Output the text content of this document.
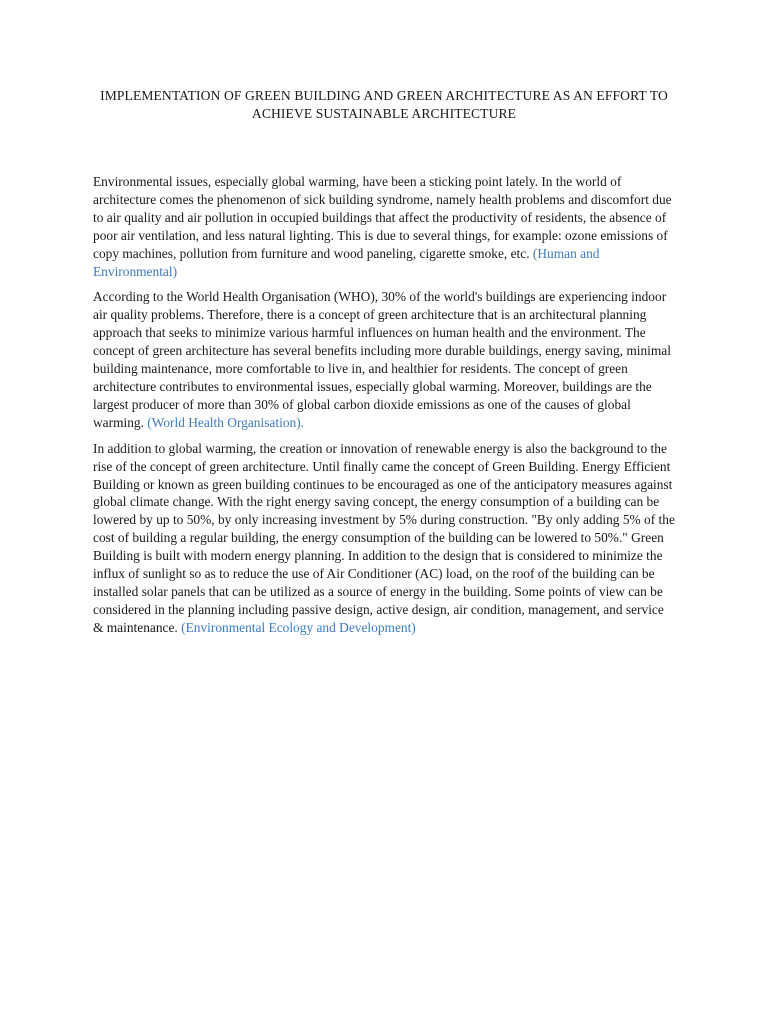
IMPLEMENTATION OF GREEN BUILDING AND GREEN ARCHITECTURE AS AN EFFORT TO ACHIEVE SUSTAINABLE ARCHITECTURE

Environmental issues, especially global warming, have been a sticking point lately. In the world of architecture comes the phenomenon of sick building syndrome, namely health problems and discomfort due to air quality and air pollution in occupied buildings that affect the productivity of residents, the absence of poor air ventilation, and less natural lighting. This is due to several things, for example: ozone emissions of copy machines, pollution from furniture and wood paneling, cigarette smoke, etc. (Human and Environmental)

According to the World Health Organisation (WHO), 30% of the world's buildings are experiencing indoor air quality problems. Therefore, there is a concept of green architecture that is an architectural planning approach that seeks to minimize various harmful influences on human health and the environment. The concept of green architecture has several benefits including more durable buildings, energy saving, minimal building maintenance, more comfortable to live in, and healthier for residents. The concept of green architecture contributes to environmental issues, especially global warming. Moreover, buildings are the largest producer of more than 30% of global carbon dioxide emissions as one of the causes of global warming. (World Health Organisation).

In addition to global warming, the creation or innovation of renewable energy is also the background to the rise of the concept of green architecture. Until finally came the concept of Green Building. Energy Efficient Building or known as green building continues to be encouraged as one of the anticipatory measures against global climate change. With the right energy saving concept, the energy consumption of a building can be lowered by up to 50%, by only increasing investment by 5% during construction. "By only adding 5% of the cost of building a regular building, the energy consumption of the building can be lowered to 50%." Green Building is built with modern energy planning. In addition to the design that is considered to minimize the influx of sunlight so as to reduce the use of Air Conditioner (AC) load, on the roof of the building can be installed solar panels that can be utilized as a source of energy in the building. Some points of view can be considered in the planning including passive design, active design, air condition, management, and service & maintenance. (Environmental Ecology and Development)
